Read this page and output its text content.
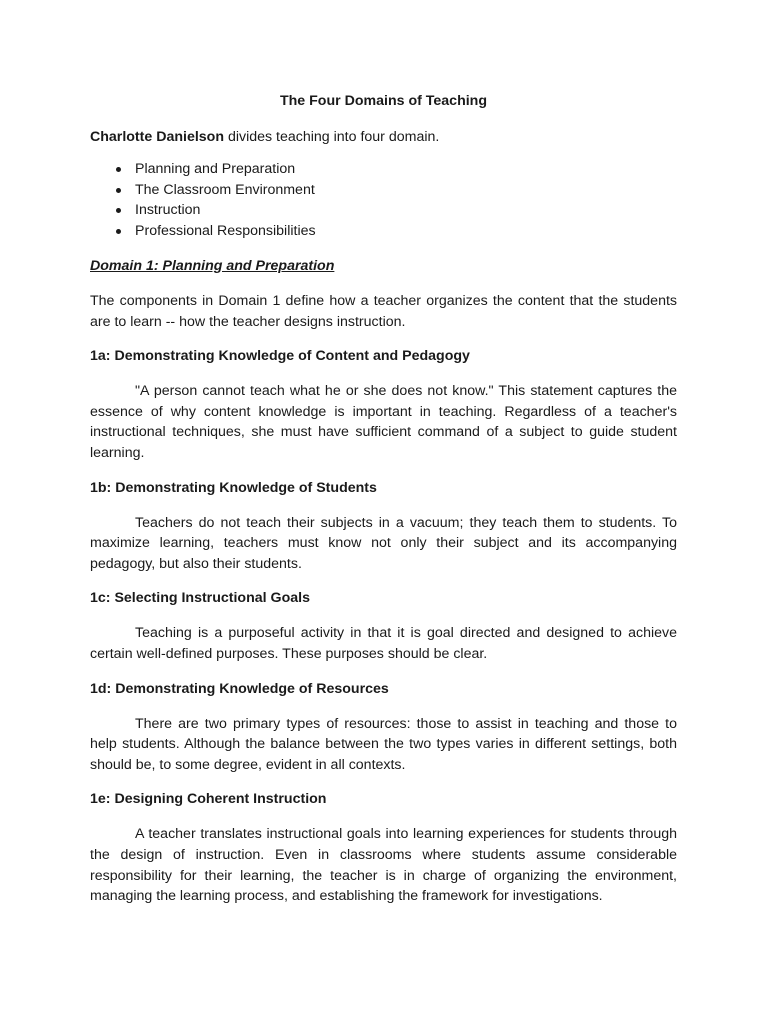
The Four Domains of Teaching

Charlotte Danielson divides teaching into four domain.

Planning and Preparation
The Classroom Environment
Instruction
Professional Responsibilities

Domain 1: Planning and Preparation

The components in Domain 1 define how a teacher organizes the content that the students are to learn -- how the teacher designs instruction.

1a: Demonstrating Knowledge of Content and Pedagogy

"A person cannot teach what he or she does not know." This statement captures the essence of why content knowledge is important in teaching. Regardless of a teacher's instructional techniques, she must have sufficient command of a subject to guide student learning.

1b: Demonstrating Knowledge of Students

Teachers do not teach their subjects in a vacuum; they teach them to students. To maximize learning, teachers must know not only their subject and its accompanying pedagogy, but also their students.

1c: Selecting Instructional Goals

Teaching is a purposeful activity in that it is goal directed and designed to achieve certain well-defined purposes. These purposes should be clear.

1d: Demonstrating Knowledge of Resources

There are two primary types of resources: those to assist in teaching and those to help students. Although the balance between the two types varies in different settings, both should be, to some degree, evident in all contexts.

1e: Designing Coherent Instruction

A teacher translates instructional goals into learning experiences for students through the design of instruction. Even in classrooms where students assume considerable responsibility for their learning, the teacher is in charge of organizing the environment, managing the learning process, and establishing the framework for investigations.
